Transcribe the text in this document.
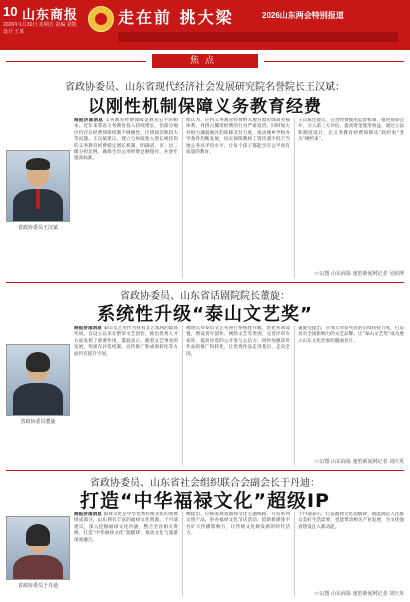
10 山东商报
2026年1月30日 星期五 责编 刘凯 设计 王某
走在前 挑大梁	2026山东两会特别报道
焦点
省政协委员、山东省现代经济社会发展研究院名誉院长王汉斌：
以刚性机制保障义务教育经费
商报济南消息 义务教育经费保障是教育公平的根本。近年来我省义务教育投入持续增长，但部分地区仍存在经费保障机制不够刚性、区域间差距较大等问题。王汉斌建议，建立与财政收入增长相挂钩的义务教育经费稳定增长机制，明确省、市、县三级分担比例，确保生均公用经费足额拨付，并逐步提高标准。
他认为，应将义务教育经费纳入地方政府绩效考核体系，对挤占挪用经费的行为严肃追责。同时加大对财力薄弱地区的转移支付力度，推动城乡学校办学条件均衡发展，切实保障教师工资待遇不低于当地公务员平均水平，让每个孩子都能享有公平而有质量的教育。
王汉斌还建议，完善经费使用监督机制，推进预算公开，引入第三方评估，提高资金使用效益。通过立法和制度设计，让义务教育经费保障从“软约束”变为“硬约束”。
□文/图 山东商报·速豹新闻网记者 吴昭博
省政协委员王汉斌
省政协委员、山东省话剧院院长董旋：
系统性升级“泰山文艺奖”
商报济南消息 泰山文艺奖作为我省文艺领域的最高奖项，自设立以来在繁荣文艺创作、推出优秀人才方面发挥了重要作用。董旋表示，随着文艺事业的发展，奖项在评选机制、宣传推广和成果转化等方面仍有提升空间。
她建议对泰山文艺奖进行系统性升级，优化奖项设置，增设青年创作、网络文艺等类别，完善评审专家库，提高评选的公开度与公信力。同时加强获奖作品的推广和转化，让优秀作品走进基层、走向全国。
董旋还提出，应加大对获奖者的后续扶持力度，打造具有全国影响力的文艺品牌，让“泰山文艺奖”成为展示山东文化形象的靓丽名片。
□文/图 山东商报·速豹新闻网记者 刘庆英
省政协委员董旋
省政协委员、山东省社会组织联合会副会长于丹迪：
打造“中华福禄文化”超级IP
商报济南消息 福禄文化是中华优秀传统文化的重要组成部分，山东拥有丰富的福禄文化资源。于丹迪建议，深入挖掘福禄文化内涵，整合全省相关资源，打造“中华福禄文化”超级IP，推动文化与旅游深度融合。
她提出，应统筹规划福禄文化主题线路，开发系列文创产品，举办福禄文化节庆活动，借助新媒体平台扩大传播影响力，让传统文化焕发新的时代活力。
于丹迪表示，打造福禄文化超级IP，既能满足人民群众美好生活需要，也能带动相关产业发展，为文化强省建设注入新动能。
□文/图 山东商报·速豹新闻网记者 刘庆英
省政协委员于丹迪
